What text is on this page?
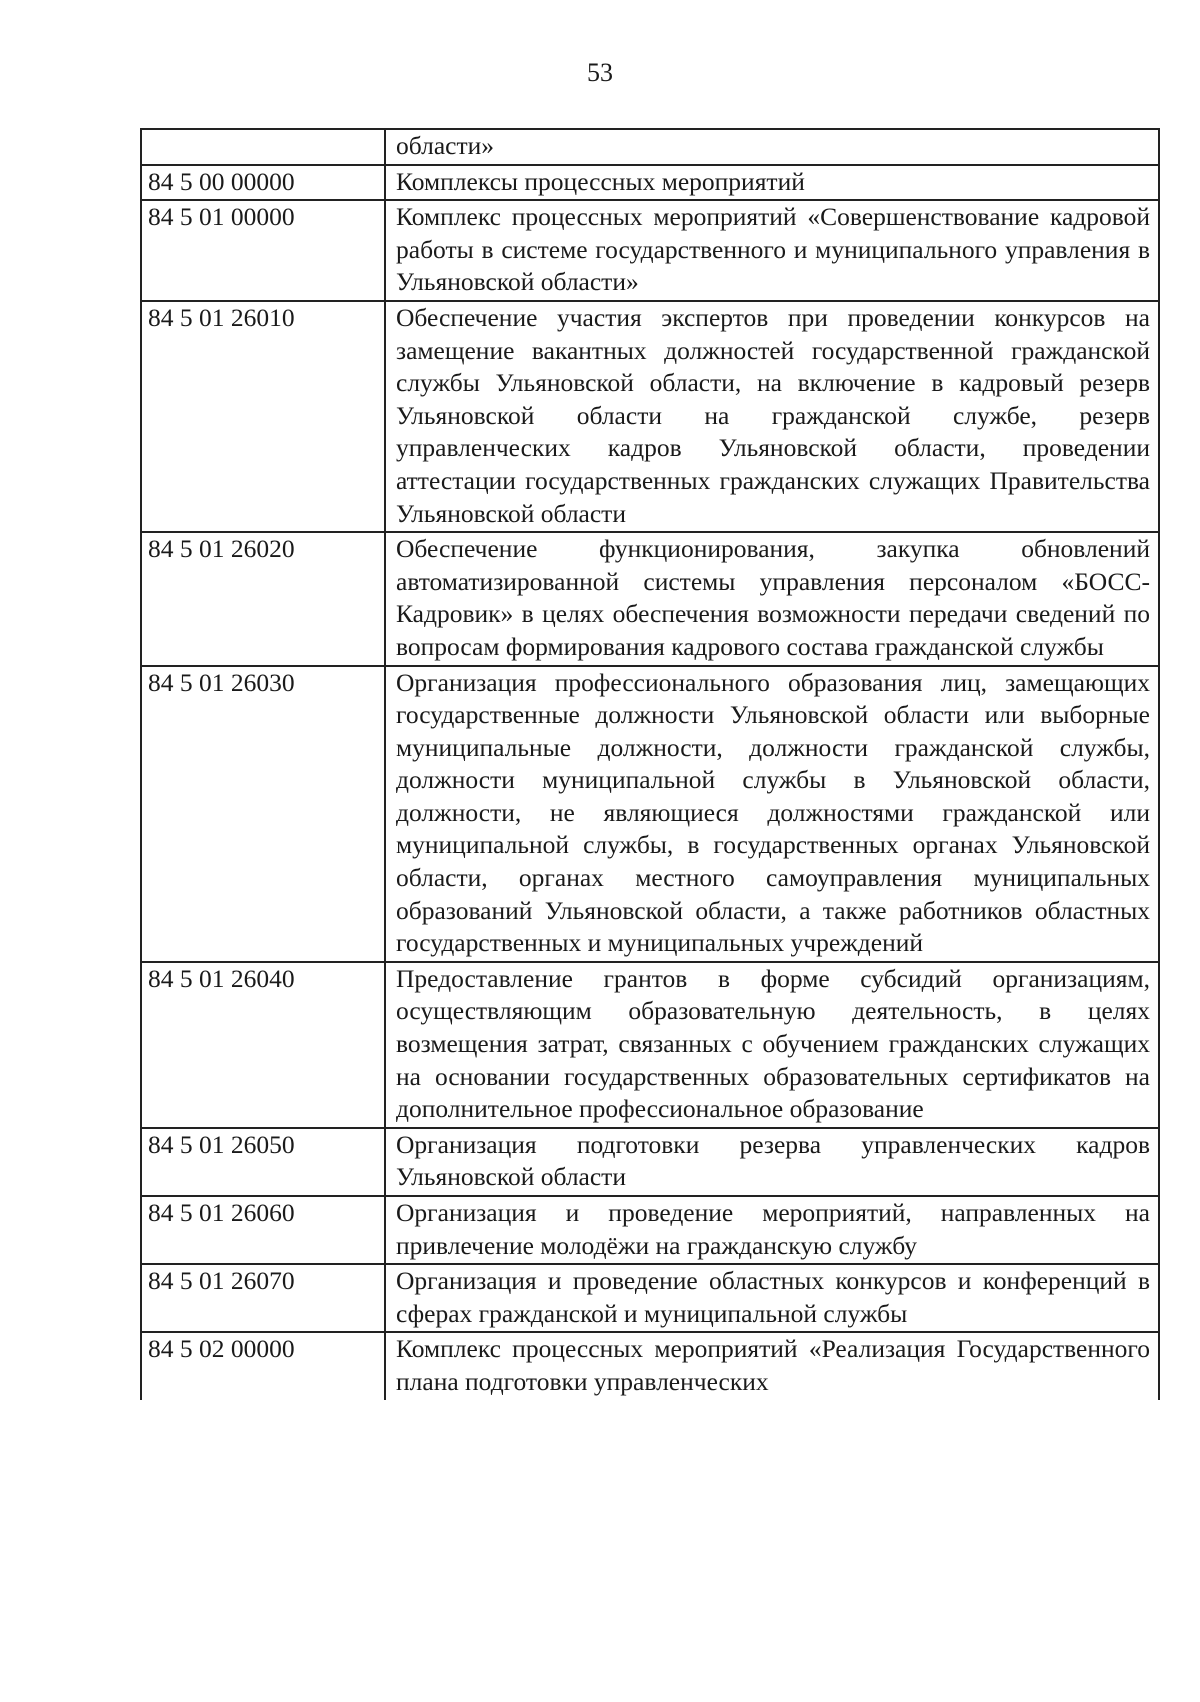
53
	области»
84 5 00 00000	Комплексы процессных мероприятий
84 5 01 00000	Комплекс процессных мероприятий «Совершенствование кадровой работы в системе государственного и муниципального управления в Ульяновской области»
84 5 01 26010	Обеспечение участия экспертов при проведении конкурсов на замещение вакантных должностей государственной гражданской службы Ульяновской области, на включение в кадровый резерв Ульяновской области на гражданской службе, резерв управленческих кадров Ульяновской области, проведении аттестации государственных гражданских служащих Правительства Ульяновской области
84 5 01 26020	Обеспечение функционирования, закупка обновлений автоматизированной системы управления персоналом «БОСС-Кадровик» в целях обеспечения возможности передачи сведений по вопросам формирования кадрового состава гражданской службы
84 5 01 26030	Организация профессионального образования лиц, замещающих государственные должности Ульяновской области или выборные муниципальные должности, должности гражданской службы, должности муниципальной службы в Ульяновской области, должности, не являющиеся должностями гражданской или муниципальной службы, в государственных органах Ульяновской области, органах местного самоуправления муниципальных образований Ульяновской области, а также работников областных государственных и муниципальных учреждений
84 5 01 26040	Предоставление грантов в форме субсидий организациям, осуществляющим образовательную деятельность, в целях возмещения затрат, связанных с обучением гражданских служащих на основании государственных образовательных сертификатов на дополнительное профессиональное образование
84 5 01 26050	Организация подготовки резерва управленческих кадров Ульяновской области
84 5 01 26060	Организация и проведение мероприятий, направленных на привлечение молодёжи на гражданскую службу
84 5 01 26070	Организация и проведение областных конкурсов и конференций в сферах гражданской и муниципальной службы
84 5 02 00000	Комплекс процессных мероприятий «Реализация Государственного плана подготовки управленческих
